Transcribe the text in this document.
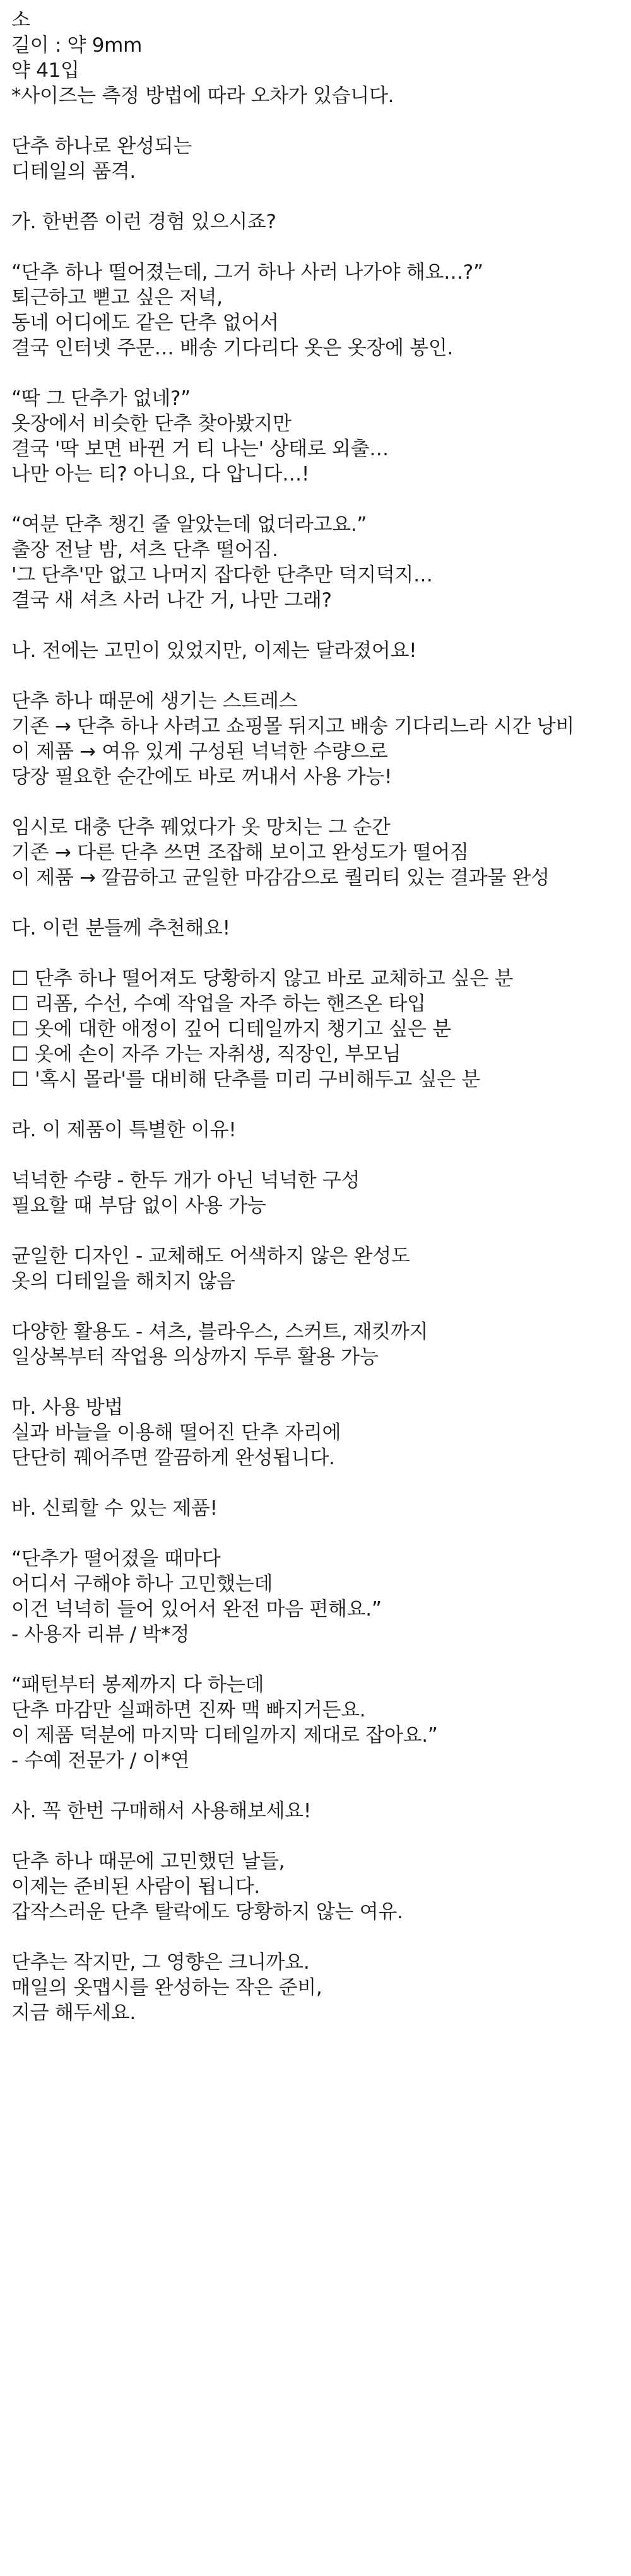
소
길이 : 약 9mm
약 41입
*사이즈는 측정 방법에 따라 오차가 있습니다.
단추 하나로 완성되는
디테일의 품격.
가. 한번쯤 이런 경험 있으시죠?
“단추 하나 떨어졌는데, 그거 하나 사러 나가야 해요…?”
퇴근하고 뻗고 싶은 저녁,
동네 어디에도 같은 단추 없어서
결국 인터넷 주문… 배송 기다리다 옷은 옷장에 봉인.
“딱 그 단추가 없네?”
옷장에서 비슷한 단추 찾아봤지만
결국 '딱 보면 바뀐 거 티 나는' 상태로 외출…
나만 아는 티? 아니요, 다 압니다…!
“여분 단추 챙긴 줄 알았는데 없더라고요.”
출장 전날 밤, 셔츠 단추 떨어짐.
'그 단추'만 없고 나머지 잡다한 단추만 덕지덕지…
결국 새 셔츠 사러 나간 거, 나만 그래?
나. 전에는 고민이 있었지만, 이제는 달라졌어요!
단추 하나 때문에 생기는 스트레스
기존 → 단추 하나 사려고 쇼핑몰 뒤지고 배송 기다리느라 시간 낭비
이 제품 → 여유 있게 구성된 넉넉한 수량으로
당장 필요한 순간에도 바로 꺼내서 사용 가능!
임시로 대충 단추 꿰었다가 옷 망치는 그 순간
기존 → 다른 단추 쓰면 조잡해 보이고 완성도가 떨어짐
이 제품 → 깔끔하고 균일한 마감감으로 퀄리티 있는 결과물 완성
다. 이런 분들께 추천해요!
☐ 단추 하나 떨어져도 당황하지 않고 바로 교체하고 싶은 분
☐ 리폼, 수선, 수예 작업을 자주 하는 핸즈온 타입
☐ 옷에 대한 애정이 깊어 디테일까지 챙기고 싶은 분
☐ 옷에 손이 자주 가는 자취생, 직장인, 부모님
☐ '혹시 몰라'를 대비해 단추를 미리 구비해두고 싶은 분
라. 이 제품이 특별한 이유!
넉넉한 수량 - 한두 개가 아닌 넉넉한 구성
필요할 때 부담 없이 사용 가능
균일한 디자인 - 교체해도 어색하지 않은 완성도
옷의 디테일을 해치지 않음
다양한 활용도 - 셔츠, 블라우스, 스커트, 재킷까지
일상복부터 작업용 의상까지 두루 활용 가능
마. 사용 방법
실과 바늘을 이용해 떨어진 단추 자리에
단단히 꿰어주면 깔끔하게 완성됩니다.
바. 신뢰할 수 있는 제품!
“단추가 떨어졌을 때마다
어디서 구해야 하나 고민했는데
이건 넉넉히 들어 있어서 완전 마음 편해요.”
- 사용자 리뷰 / 박*정
“패턴부터 봉제까지 다 하는데
단추 마감만 실패하면 진짜 맥 빠지거든요.
이 제품 덕분에 마지막 디테일까지 제대로 잡아요.”
- 수예 전문가 / 이*연
사. 꼭 한번 구매해서 사용해보세요!
단추 하나 때문에 고민했던 날들,
이제는 준비된 사람이 됩니다.
갑작스러운 단추 탈락에도 당황하지 않는 여유.
단추는 작지만, 그 영향은 크니까요.
매일의 옷맵시를 완성하는 작은 준비,
지금 해두세요.
